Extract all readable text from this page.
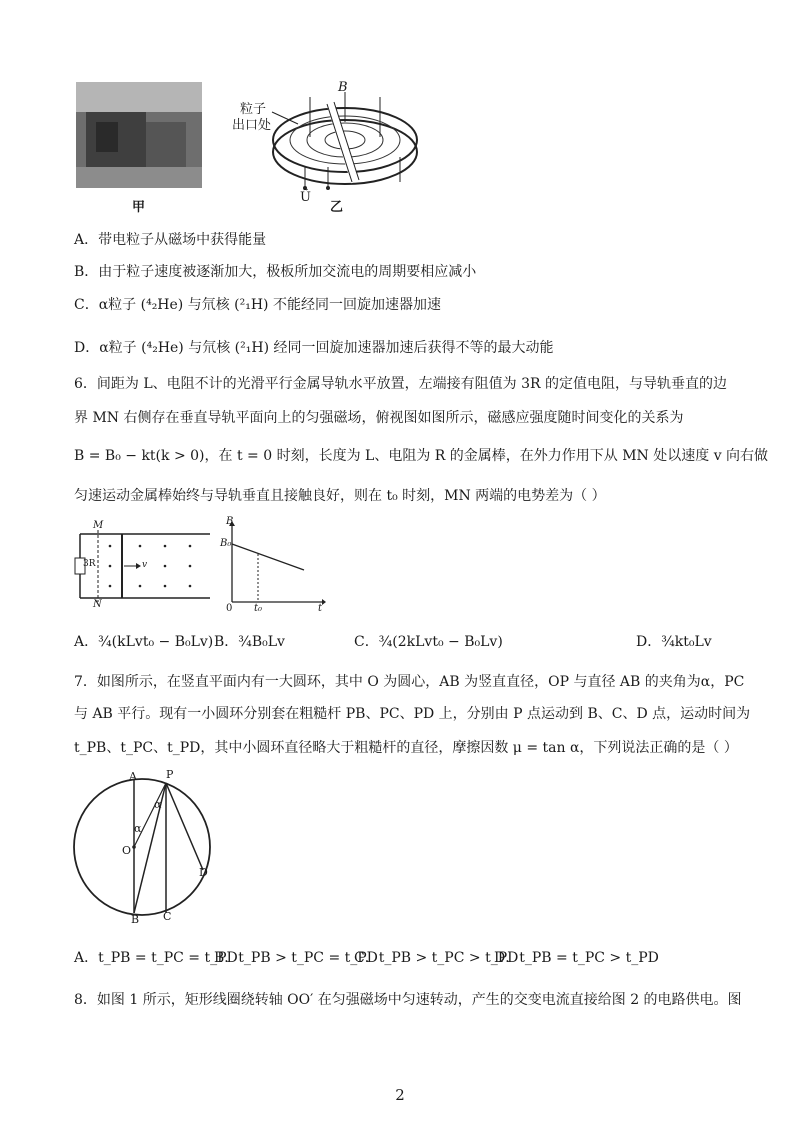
甲
粒子
出口处
B
Ũ
乙
A．带电粒子从磁场中获得能量
B．由于粒子速度被逐渐加大，极板所加交流电的周期要相应减小
C．α粒子 (⁴₂He) 与氘核 (²₁H) 不能经同一回旋加速器加速
D．α粒子 (⁴₂He) 与氘核 (²₁H) 经同一回旋加速器加速后获得不等的最大动能
6．间距为 L、电阻不计的光滑平行金属导轨水平放置，左端接有阻值为 3R 的定值电阻，与导轨垂直的边
界 MN 右侧存在垂直导轨平面向上的匀强磁场，俯视图如图所示，磁感应强度随时间变化的关系为
B = B₀ − kt(k > 0)，在 t = 0 时刻，长度为 L、电阻为 R 的金属棒，在外力作用下从 MN 处以速度 v 向右做
匀速运动金属棒始终与导轨垂直且接触良好，则在 t₀ 时刻，MN 两端的电势差为（ ）
M
N
3R	v
B
B₀
0 t₀	t
A．¾(kLvt₀ − B₀Lv) B．¾B₀Lv	C．¾(2kLvt₀ − B₀Lv)	D．¾kt₀Lv
7．如图所示，在竖直平面内有一大圆环，其中 O 为圆心，AB 为竖直直径，OP 与直径 AB 的夹角为α，PC
与 AB 平行。现有一小圆环分别套在粗糙杆 PB、PC、PD 上，分别由 P 点运动到 B、C、D 点，运动时间为
t_PB、t_PC、t_PD，其中小圆环直径略大于粗糙杆的直径，摩擦因数 μ = tan α，下列说法正确的是（ ）
A	P
α
α
O
D
B C
A．t_PB = t_PC = t_PD
B．t_PB > t_PC = t_PD
C．t_PB > t_PC > t_PD
D．t_PB = t_PC > t_PD
8．如图 1 所示，矩形线圈绕转轴 OO′ 在匀强磁场中匀速转动，产生的交变电流直接给图 2 的电路供电。图
2
